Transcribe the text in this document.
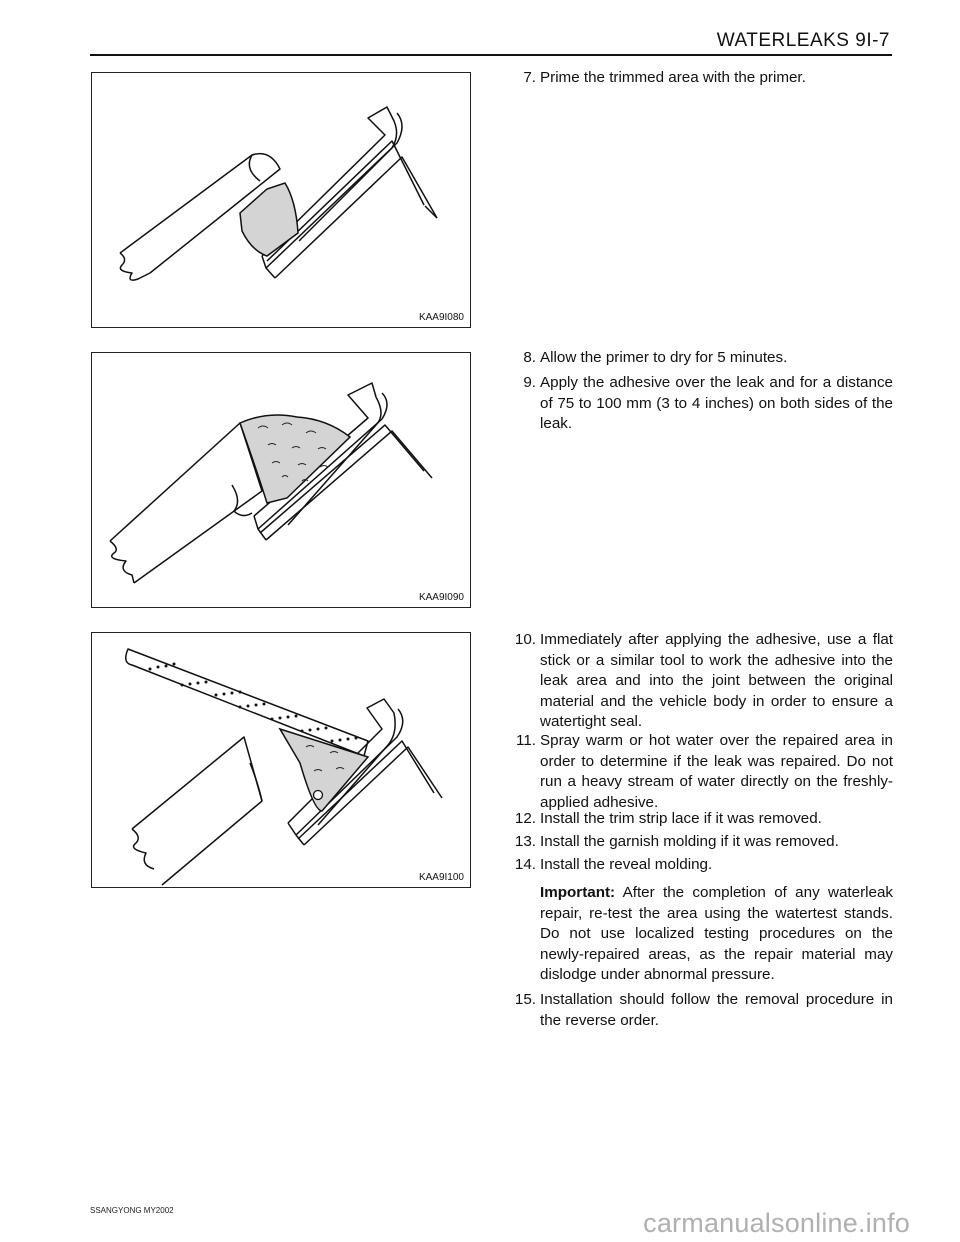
WATERLEAKS 9I-7
KAA9I080
KAA9I090
KAA9I100
7. Prime the trimmed area with the primer.
8. Allow the primer to dry for 5 minutes.
9. Apply the adhesive over the leak and for a distance of 75 to 100 mm (3 to 4 inches) on both sides of the leak.
10. Immediately after applying the adhesive, use a flat stick or a similar tool to work the adhesive into the leak area and into the joint between the original material and the vehicle body in order to ensure a watertight seal.
11. Spray warm or hot water over the repaired area in order to determine if the leak was repaired. Do not run a heavy stream of water directly on the freshly-applied adhesive.
12. Install the trim strip lace if it was removed.
13. Install the garnish molding if it was removed.
14. Install the reveal molding.
Important: After the completion of any waterleak repair, re-test the area using the watertest stands. Do not use localized testing procedures on the newly-repaired areas, as the repair material may dislodge under abnormal pressure.
15. Installation should follow the removal procedure in the reverse order.
SSANGYONG MY2002	carmanualsonline.info
